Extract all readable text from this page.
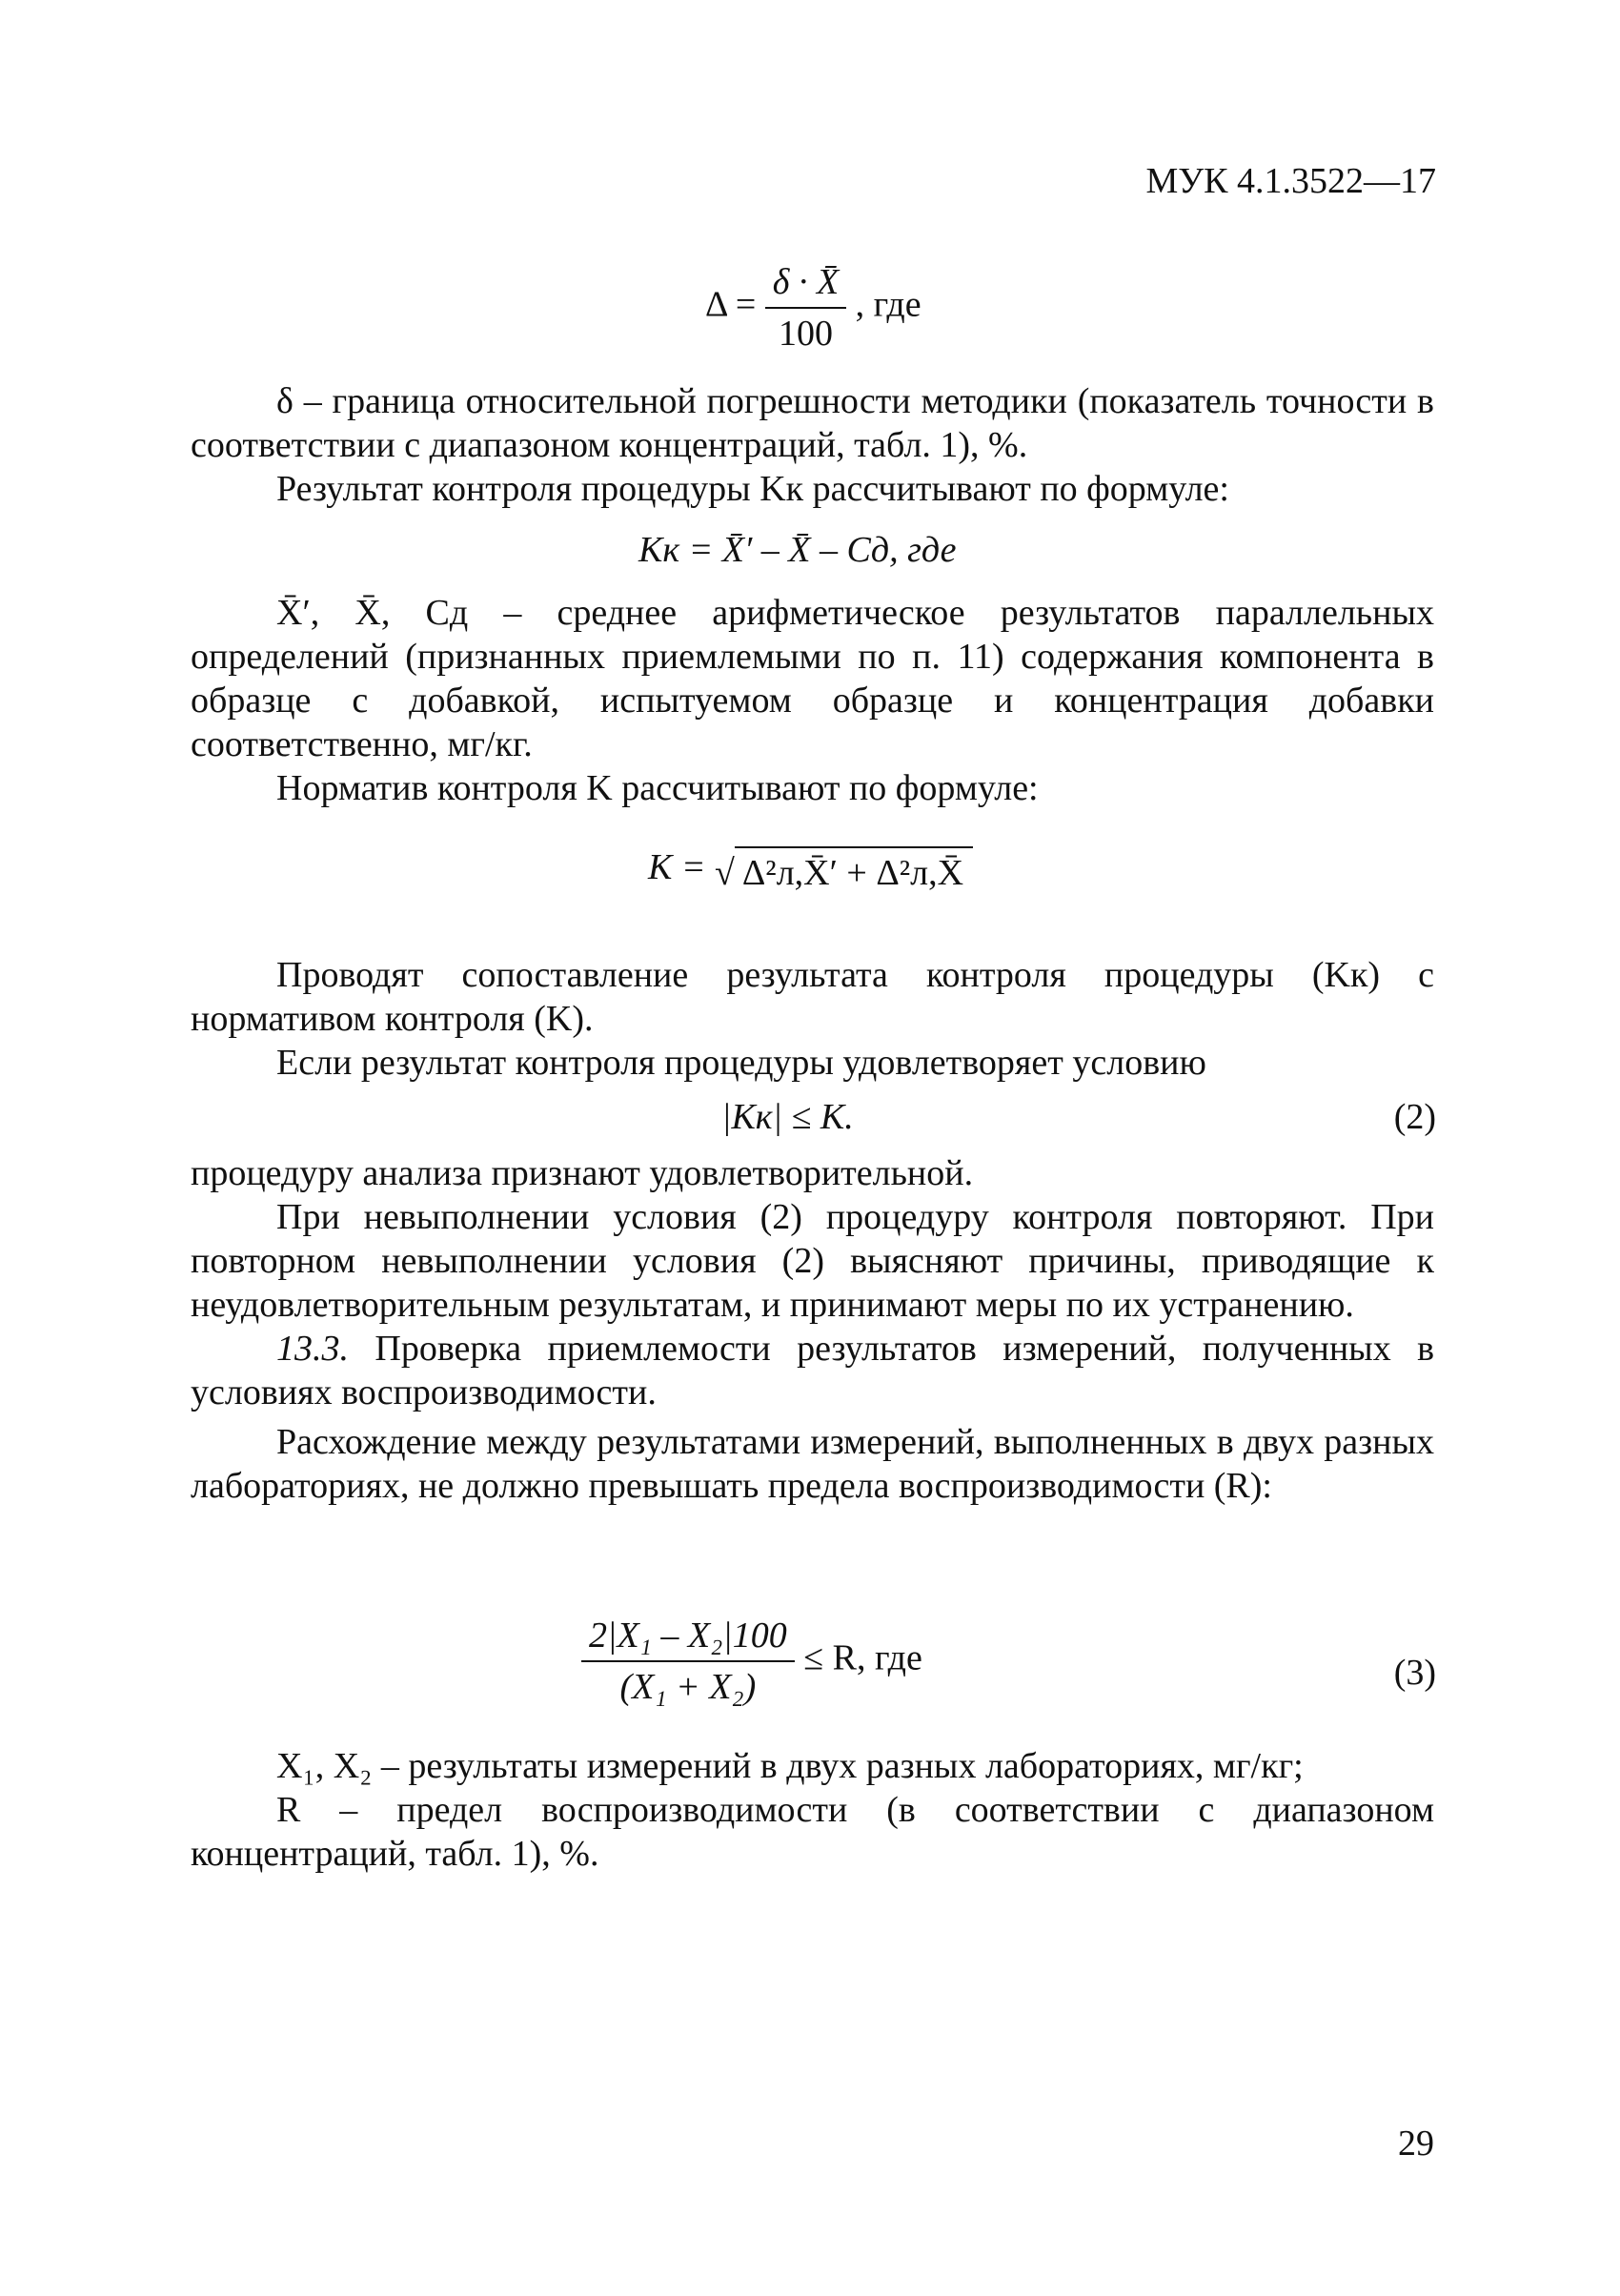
МУК 4.1.3522—17
$\Delta = \frac{\delta \cdot X̄}{100}$ , где

δ – граница относительной погрешности методики (показатель точности в соответствии с диапазоном концентраций, табл. 1), %.

Результат контроля процедуры Kк рассчитывают по формуле:

Kк = X̄′ – X̄ – Cд, где

X̄′, X̄, Cд – среднее арифметическое результатов параллельных определений (признанных приемлемыми по п. 11) содержания компонента в образце с добавкой, испытуемом образце и концентрация добавки соответственно, мг/кг.

Норматив контроля K рассчитывают по формуле:

K = √ Δ²л,X̄′ + Δ²л,X̄

Проводят сопоставление результата контроля процедуры (Kк) с нормативом контроля (K).

Если результат контроля процедуры удовлетворяет условию

|Kк| ≤ K.	(2)

процедуру анализа признают удовлетворительной.

При невыполнении условия (2) процедуру контроля повторяют. При повторном невыполнении условия (2) выясняют причины, приводящие к неудовлетворительным результатам, и принимают меры по их устранению.

13.3. Проверка приемлемости результатов измерений, полученных в условиях воспроизводимости.

Расхождение между результатами измерений, выполненных в двух разных лабораториях, не должно превышать предела воспроизводимости (R):

$\frac{\text{2|X₁ – X₂|100}}{\text{(X₁ + X₂)}} \le R$, где	(3)

X₁, X₂ – результаты измерений в двух разных лабораториях, мг/кг;

R – предел воспроизводимости (в соответствии с диапазоном концентраций, табл. 1), %.

29
